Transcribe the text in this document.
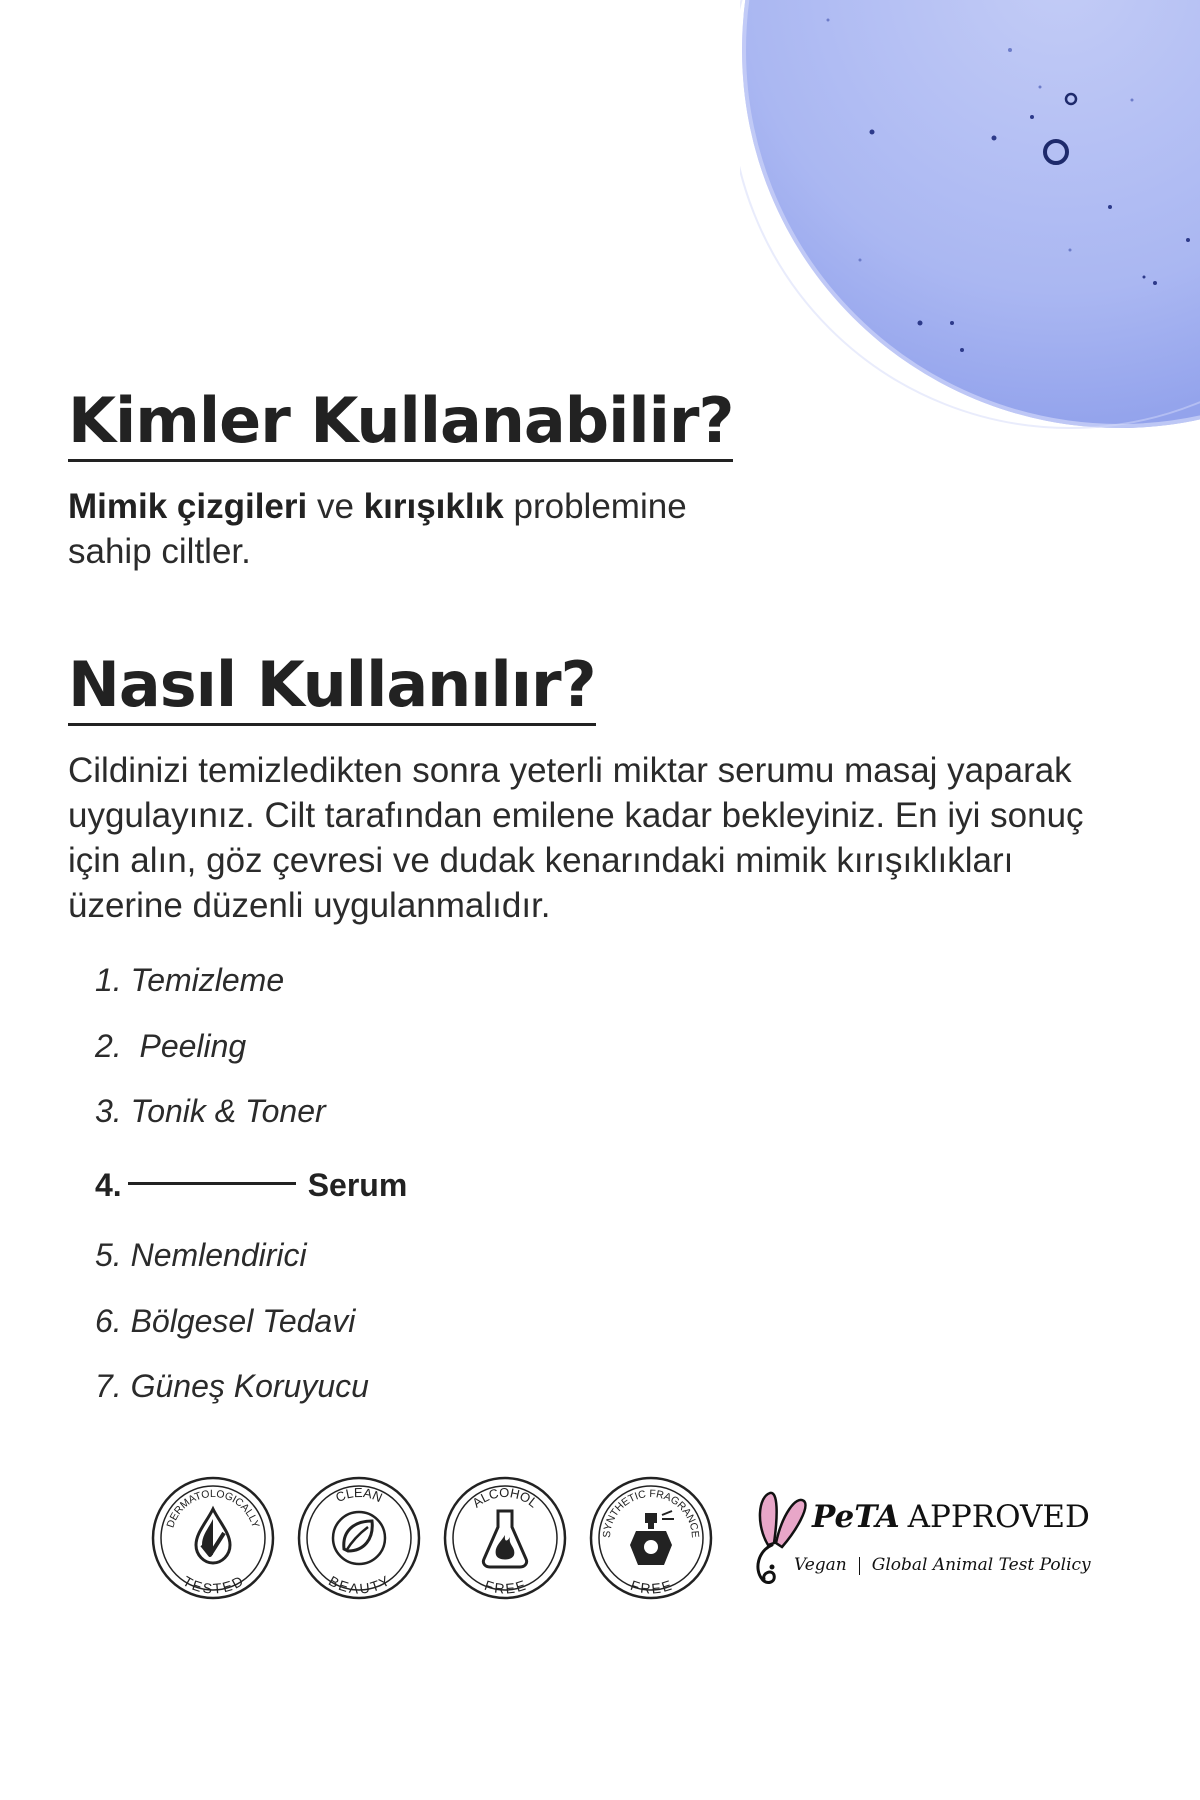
Kimler Kullanabilir?

Mimik çizgileri ve kırışıklık problemine sahip ciltler.

Nasıl Kullanılır?

Cildinizi temizledikten sonra yeterli miktar serumu masaj yaparak uygulayınız. Cilt tarafından emilene kadar bekleyiniz. En iyi sonuç için alın, göz çevresi ve dudak kenarındaki mimik kırışıklıkları üzerine düzenli uygulanmalıdır.

1. Temizleme
2.  Peeling
3. Tonik & Toner
4.	Serum
5. Nemlendirici
6. Bölgesel Tedavi
7. Güneş Koruyucu
DERMATOLOGICALLY
TESTED
CLEAN
BEAUTY
ALCOHOL
FREE
SYNTHETIC FRAGRANCE
FREE
PeTA APPROVED
Vegan Global Animal Test Policy
